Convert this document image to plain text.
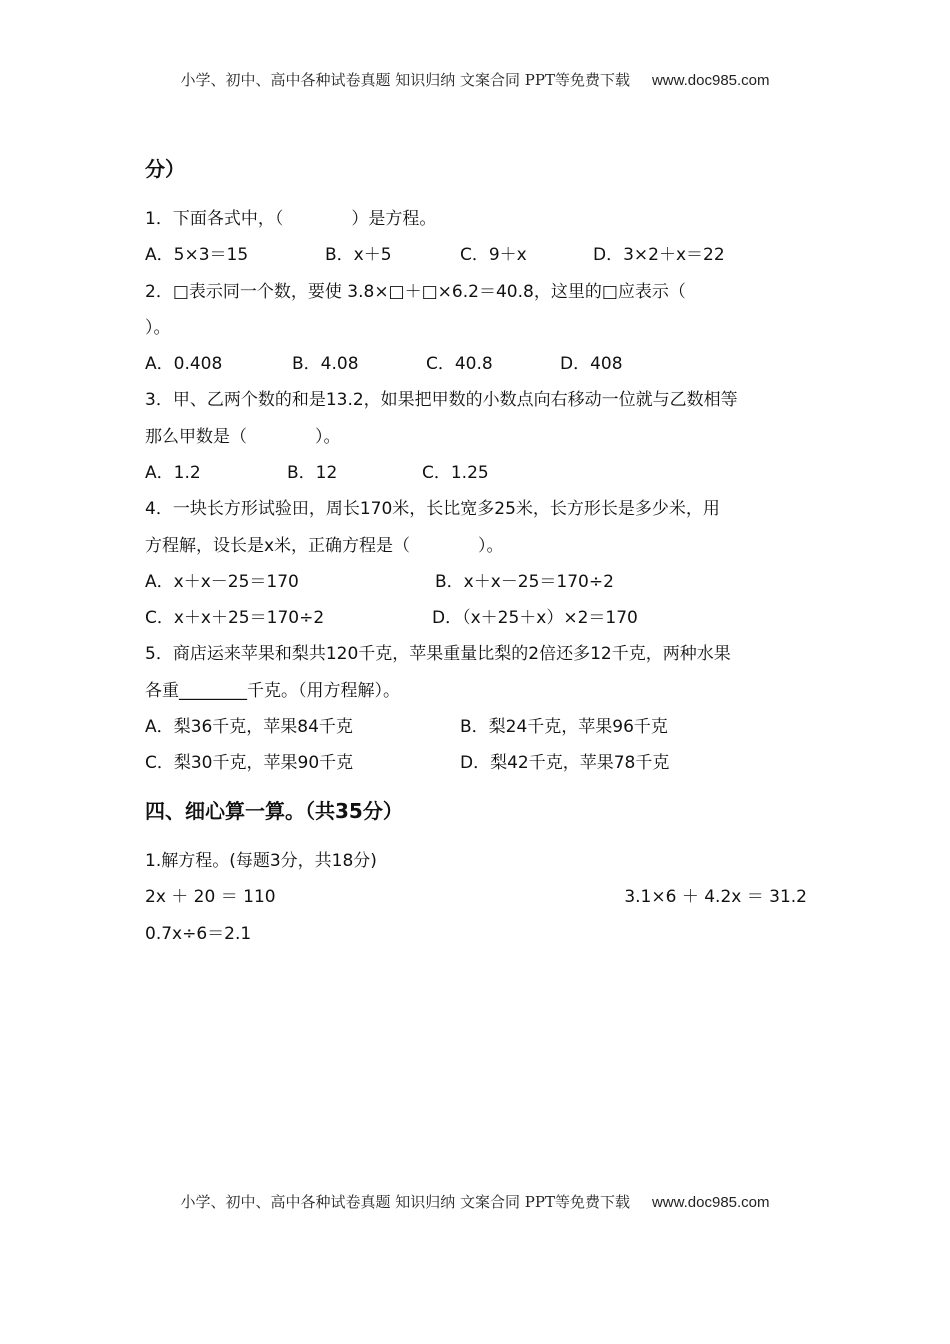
小学、初中、高中各种试卷真题 知识归纳 文案合同 PPT等免费下载 www.doc985.com
分）
1．下面各式中，（　　　　）是方程。
A．5×3＝15	B．x＋5	C．9＋x	D．3×2＋x＝22
2．□表示同一个数，要使 3.8×□＋□×6.2＝40.8，这里的□应表示（
）。
A．0.408	B．4.08	C．40.8	D．408
3．甲、乙两个数的和是13.2，如果把甲数的小数点向右移动一位就与乙数相等
那么甲数是（　　　　）。
A．1.2	B．12	C．1.25
4．一块长方形试验田，周长170米，长比宽多25米，长方形长是多少米，用
方程解，设长是x米，正确方程是（　　　　）。
A．x＋x－25＝170	B．x＋x－25＝170÷2
C．x＋x＋25＝170÷2	D．（x＋25＋x）×2＝170
5．商店运来苹果和梨共120千克，苹果重量比梨的2倍还多12千克，两种水果
各重________千克。（用方程解）。
A．梨36千克，苹果84千克	B．梨24千克，苹果96千克
C．梨30千克，苹果90千克	D．梨42千克，苹果78千克
四、细心算一算。（共35分）
1.解方程。(每题3分，共18分)
2x ＋ 20 ＝ 110	3.1×6 ＋ 4.2x ＝ 31.2
0.7x÷6＝2.1
小学、初中、高中各种试卷真题 知识归纳 文案合同 PPT等免费下载 www.doc985.com
